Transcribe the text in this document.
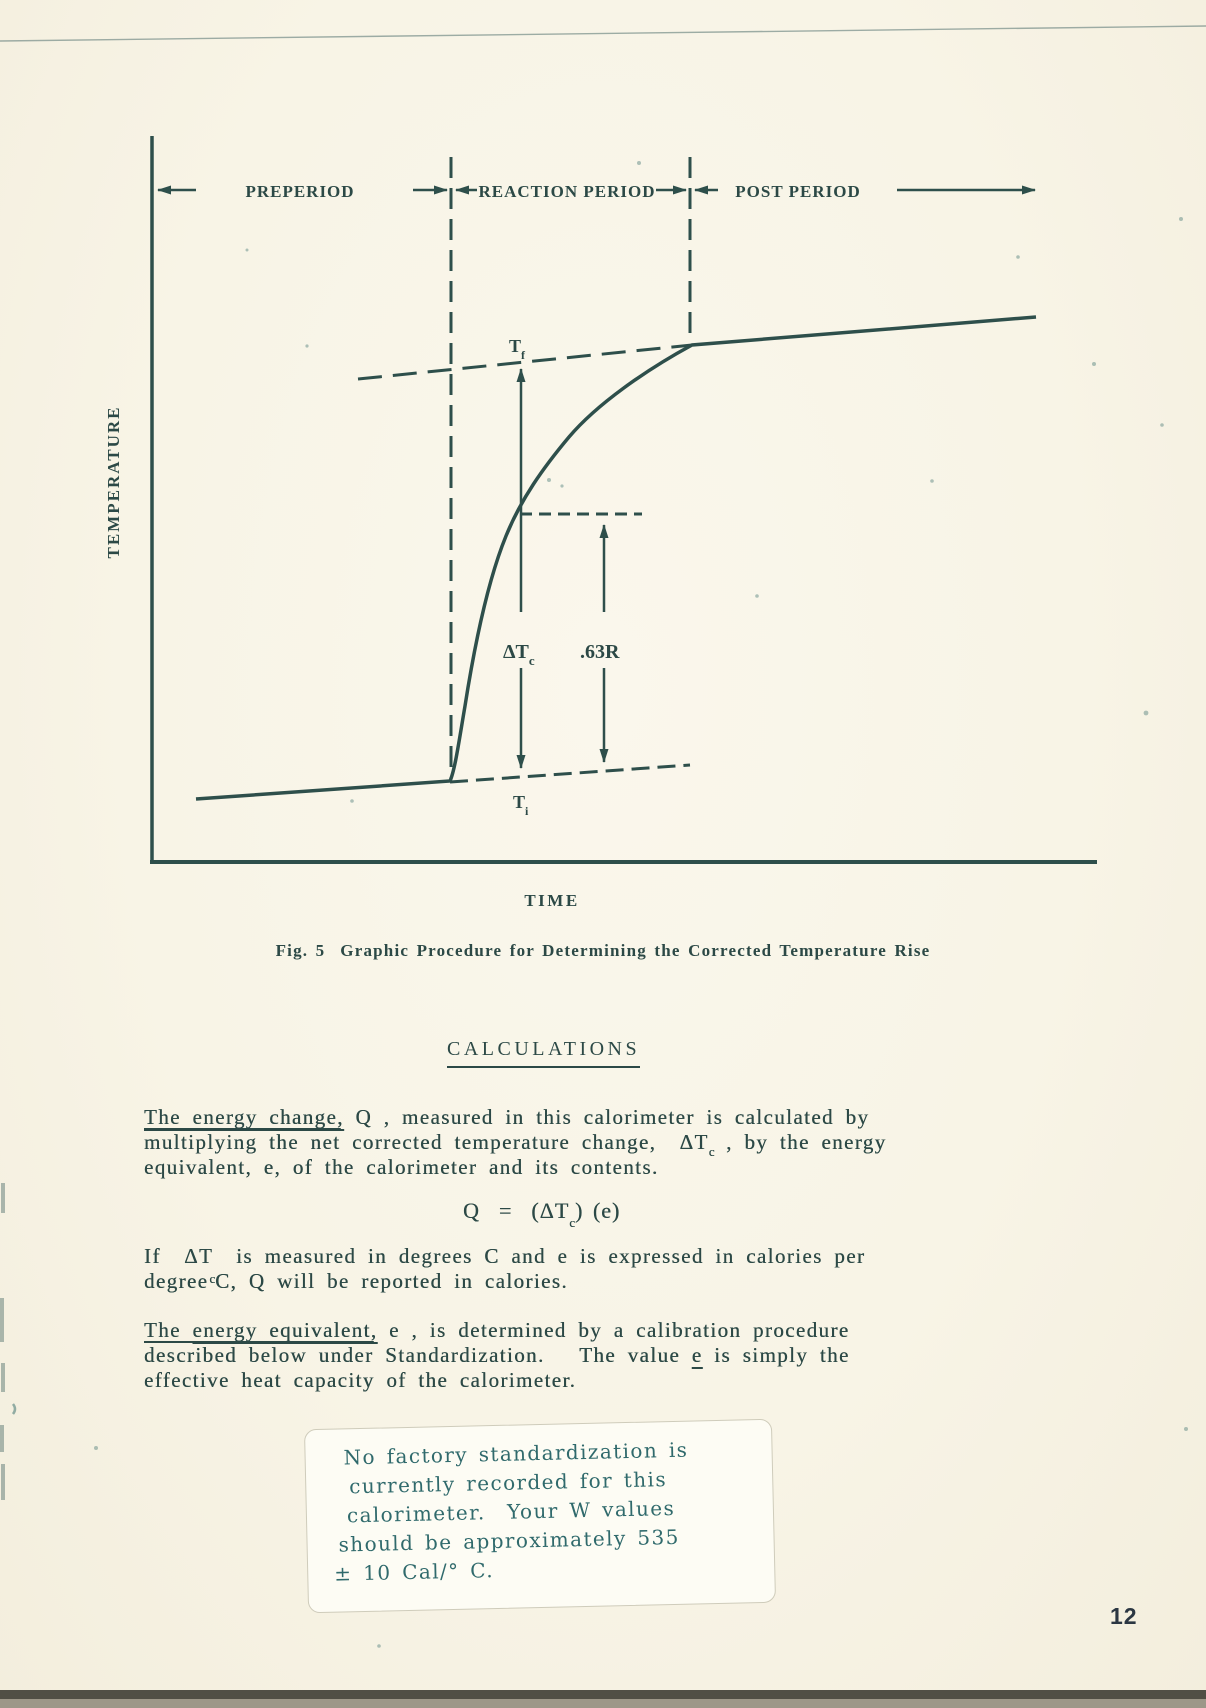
TEMPERATURE
TIME
PREPERIOD	REACTION PERIOD	POST PERIOD
$T_f$
$T_i$
$\Delta T_c$ .63R
Fig. 5  Graphic Procedure for Determining the Corrected Temperature Rise
CALCULATIONS
The energy change, Q , measured in this calorimeter is calculated by
multiplying the net corrected temperature change,  $\Delta T_c$ , by the energy
equivalent, e, of the calorimeter and its contents.
$Q = (\Delta T_c)$ (e)
If  ΔT  is measured in degrees C and e is expressed in calories per
degree$^c$C, Q will be reported in calories.
The energy equivalent, e , is determined by a calibration procedure
described below under Standardization.   The value e is simply the
effective heat capacity of the calorimeter.
No factory standardization is
currently recorded for this
calorimeter.  Your W values
should be approximately 535
± 10 Cal/° C.
12
